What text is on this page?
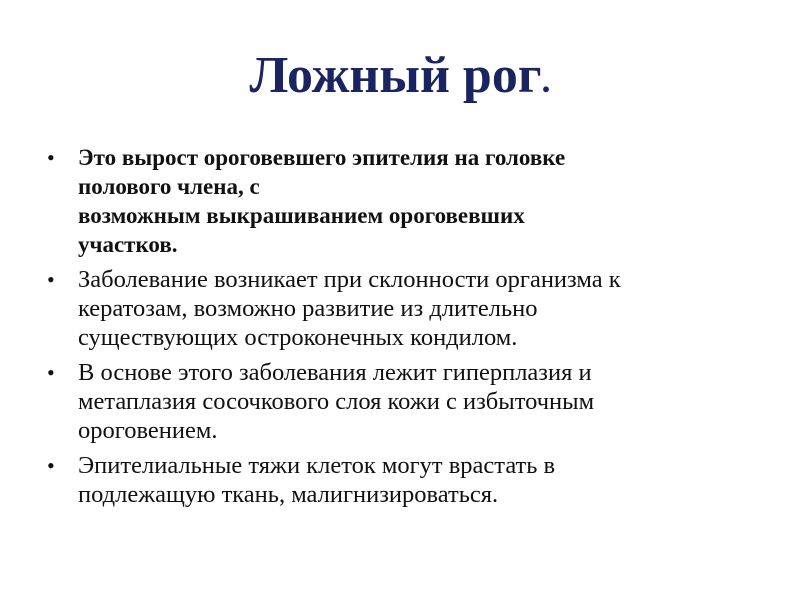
Ложный рог.
• Это вырост ороговевшего эпителия на головке
полового члена, с
возможным выкрашиванием ороговевших
участков.
• Заболевание возникает при склонности организма к
кератозам, возможно развитие из длительно
существующих остроконечных кондилом.
• В основе этого заболевания лежит гиперплазия и
метаплазия сосочкового слоя кожи с избыточным
ороговением.
• Эпителиальные тяжи клеток могут врастать в
подлежащую ткань, малигнизироваться.
